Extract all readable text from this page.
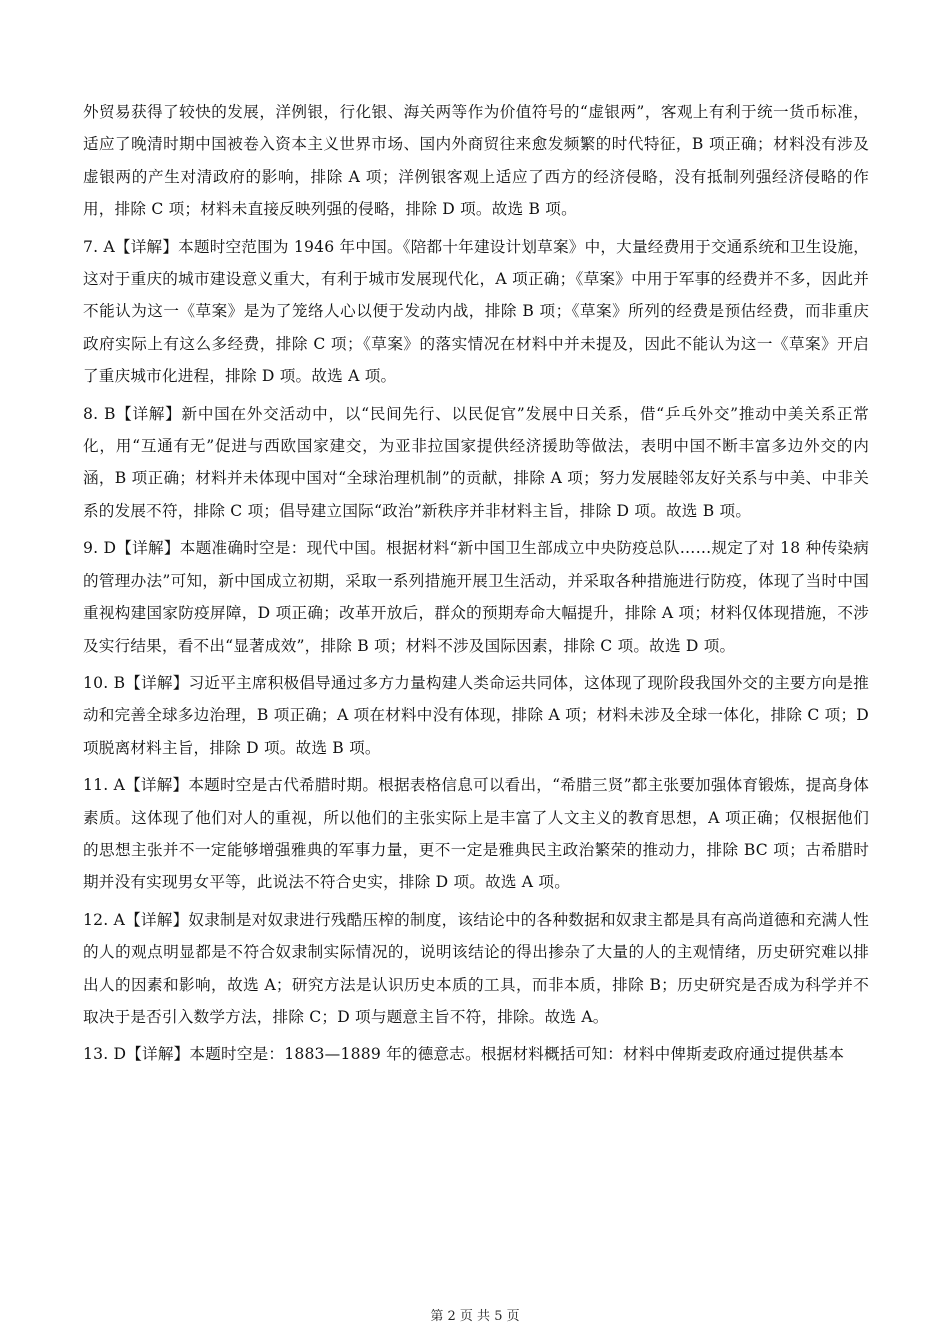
外贸易获得了较快的发展，洋例银，行化银、海关两等作为价值符号的“虚银两”，客观上有利于统一货币标准，适应了晚清时期中国被卷入资本主义世界市场、国内外商贸往来愈发频繁的时代特征，B 项正确；材料没有涉及虚银两的产生对清政府的影响，排除 A 项；洋例银客观上适应了西方的经济侵略，没有抵制列强经济侵略的作用，排除 C 项；材料未直接反映列强的侵略，排除 D 项。故选 B 项。

7. A【详解】本题时空范围为 1946 年中国。《陪都十年建设计划草案》中，大量经费用于交通系统和卫生设施，这对于重庆的城市建设意义重大，有利于城市发展现代化，A 项正确；《草案》中用于军事的经费并不多，因此并不能认为这一《草案》是为了笼络人心以便于发动内战，排除 B 项；《草案》所列的经费是预估经费，而非重庆政府实际上有这么多经费，排除 C 项；《草案》的落实情况在材料中并未提及，因此不能认为这一《草案》开启了重庆城市化进程，排除 D 项。故选 A 项。

8. B【详解】新中国在外交活动中，以“民间先行、以民促官”发展中日关系，借“乒乓外交”推动中美关系正常化，用“互通有无”促进与西欧国家建交，为亚非拉国家提供经济援助等做法，表明中国不断丰富多边外交的内涵，B 项正确；材料并未体现中国对“全球治理机制”的贡献，排除 A 项；努力发展睦邻友好关系与中美、中非关系的发展不符，排除 C 项；倡导建立国际“政治”新秩序并非材料主旨，排除 D 项。故选 B 项。

9. D【详解】本题准确时空是：现代中国。根据材料“新中国卫生部成立中央防疫总队……规定了对 18 种传染病的管理办法”可知，新中国成立初期，采取一系列措施开展卫生活动，并采取各种措施进行防疫，体现了当时中国重视构建国家防疫屏障，D 项正确；改革开放后，群众的预期寿命大幅提升，排除 A 项；材料仅体现措施，不涉及实行结果，看不出“显著成效”，排除 B 项；材料不涉及国际因素，排除 C 项。故选 D 项。

10. B【详解】习近平主席积极倡导通过多方力量构建人类命运共同体，这体现了现阶段我国外交的主要方向是推动和完善全球多边治理，B 项正确；A 项在材料中没有体现，排除 A 项；材料未涉及全球一体化，排除 C 项；D 项脱离材料主旨，排除 D 项。故选 B 项。

11. A【详解】本题时空是古代希腊时期。根据表格信息可以看出，“希腊三贤”都主张要加强体育锻炼，提高身体素质。这体现了他们对人的重视，所以他们的主张实际上是丰富了人文主义的教育思想，A 项正确；仅根据他们的思想主张并不一定能够增强雅典的军事力量，更不一定是雅典民主政治繁荣的推动力，排除 BC 项；古希腊时期并没有实现男女平等，此说法不符合史实，排除 D 项。故选 A 项。

12. A【详解】奴隶制是对奴隶进行残酷压榨的制度，该结论中的各种数据和奴隶主都是具有高尚道德和充满人性的人的观点明显都是不符合奴隶制实际情况的，说明该结论的得出掺杂了大量的人的主观情绪，历史研究难以排出人的因素和影响，故选 A；研究方法是认识历史本质的工具，而非本质，排除 B；历史研究是否成为科学并不取决于是否引入数学方法，排除 C；D 项与题意主旨不符，排除。故选 A。

13. D【详解】本题时空是：1883—1889 年的德意志。根据材料概括可知：材料中俾斯麦政府通过提供基本

第 2 页 共 5 页
